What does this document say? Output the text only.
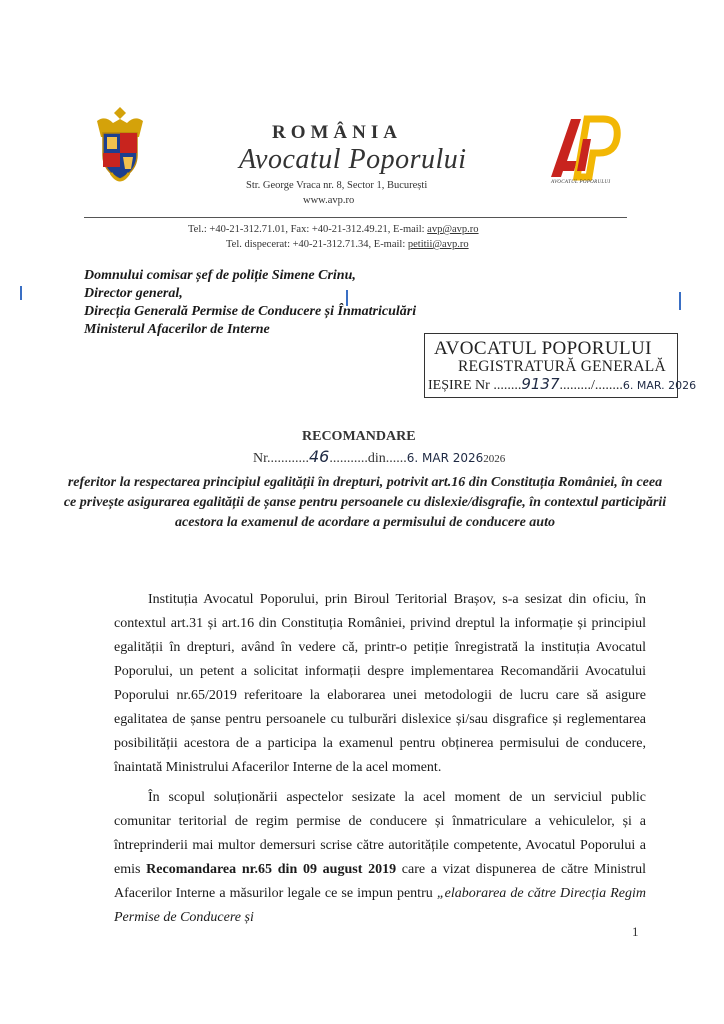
AVOCATUL POPORULUI
ROMÂNIA
Avocatul Poporului
Str. George Vraca nr. 8, Sector 1, București
www.avp.ro
Tel.: +40-21-312.71.01, Fax: +40-21-312.49.21, E-mail: avp@avp.ro
Tel. dispecerat: +40-21-312.71.34, E-mail: petitii@avp.ro
Domnului comisar șef de poliție Simene Crinu,
Director general,
Direcția Generală Permise de Conducere și Înmatriculări
Ministerul Afacerilor de Interne
AVOCATUL POPORULUI
REGISTRATURĂ GENERALĂ
IEȘIRE Nr ........9137........./........6. MAR. 2026
RECOMANDARE
Nr............46...........din......6. MAR 20262026
referitor la respectarea principiul egalității în drepturi, potrivit art.16 din Constituția României, în ceea ce privește asigurarea egalității de șanse pentru persoanele cu dislexie/disgrafie, în contextul participării acestora la examenul de acordare a permisului de conducere auto

Instituția Avocatul Poporului, prin Biroul Teritorial Brașov, s-a sesizat din oficiu, în contextul art.31 și art.16 din Constituția României, privind dreptul la informație și principiul egalității în drepturi, având în vedere că, printr-o petiție înregistrată la instituția Avocatul Poporului, un petent a solicitat informații despre implementarea Recomandării Avocatului Poporului nr.65/2019 referitoare la elaborarea unei metodologii de lucru care să asigure egalitatea de șanse pentru persoanele cu tulburări dislexice și/sau disgrafice și reglementarea posibilității acestora de a participa la examenul pentru obținerea permisului de conducere, înaintată Ministrului Afacerilor Interne de la acel moment.

În scopul soluționării aspectelor sesizate la acel moment de un serviciul public comunitar teritorial de regim permise de conducere și înmatriculare a vehiculelor, și a întreprinderii mai multor demersuri scrise către autoritățile competente, Avocatul Poporului a emis Recomandarea nr.65 din 09 august 2019 care a vizat dispunerea de către Ministrul Afacerilor Interne a măsurilor legale ce se impun pentru „elaborarea de către Direcția Regim Permise de Conducere și

1
